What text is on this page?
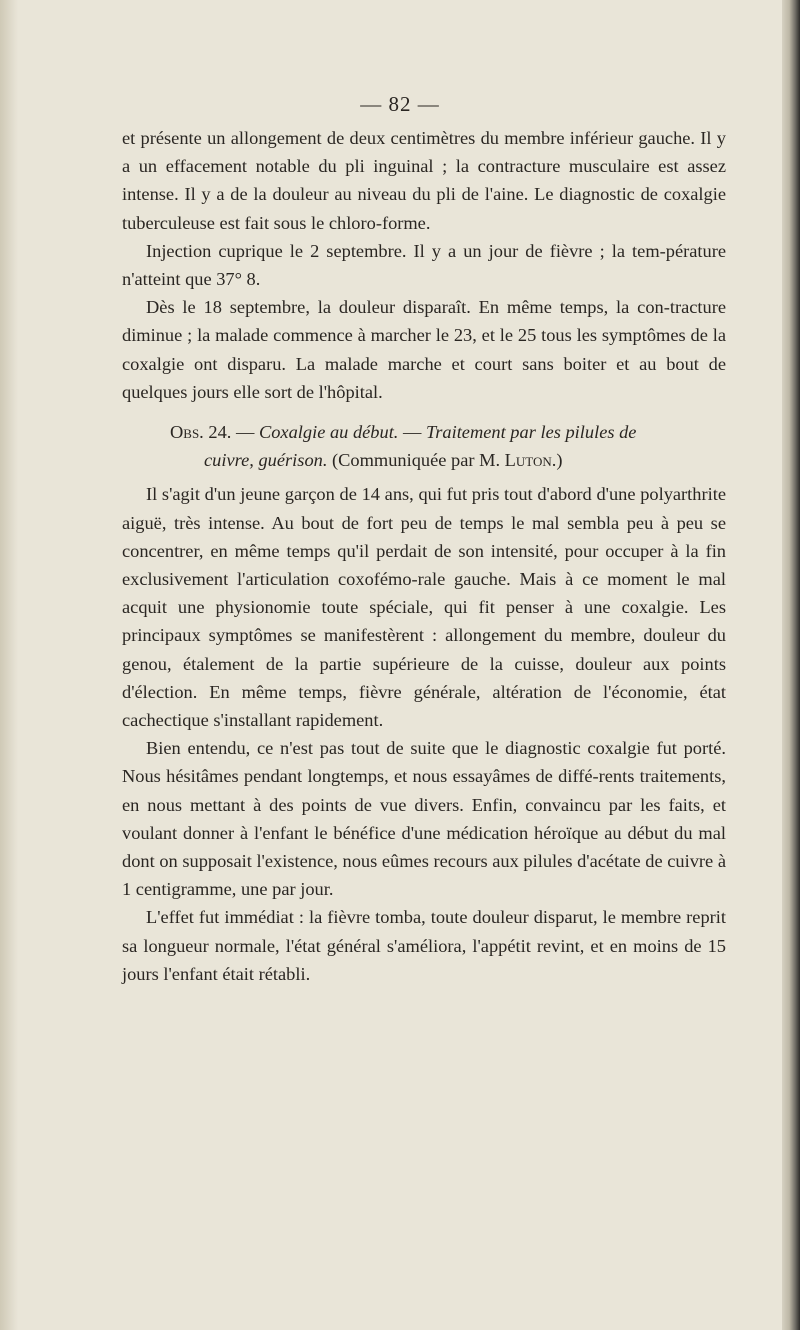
— 82 —

et présente un allongement de deux centimètres du membre inférieur gauche. Il y a un effacement notable du pli inguinal ; la contracture musculaire est assez intense. Il y a de la douleur au niveau du pli de l'aine. Le diagnostic de coxalgie tuberculeuse est fait sous le chloro-forme.

Injection cuprique le 2 septembre. Il y a un jour de fièvre ; la tem-pérature n'atteint que 37° 8.

Dès le 18 septembre, la douleur disparaît. En même temps, la con-tracture diminue ; la malade commence à marcher le 23, et le 25 tous les symptômes de la coxalgie ont disparu. La malade marche et court sans boiter et au bout de quelques jours elle sort de l'hôpital.

Obs. 24. — Coxalgie au début. — Traitement par les pilules de
cuivre, guérison. (Communiquée par M. Luton.)

Il s'agit d'un jeune garçon de 14 ans, qui fut pris tout d'abord d'une polyarthrite aiguë, très intense. Au bout de fort peu de temps le mal sembla peu à peu se concentrer, en même temps qu'il perdait de son intensité, pour occuper à la fin exclusivement l'articulation coxofémo-rale gauche. Mais à ce moment le mal acquit une physionomie toute spéciale, qui fit penser à une coxalgie. Les principaux symptômes se manifestèrent : allongement du membre, douleur du genou, étalement de la partie supérieure de la cuisse, douleur aux points d'élection. En même temps, fièvre générale, altération de l'économie, état cachectique s'installant rapidement.

Bien entendu, ce n'est pas tout de suite que le diagnostic coxalgie fut porté. Nous hésitâmes pendant longtemps, et nous essayâmes de diffé-rents traitements, en nous mettant à des points de vue divers. Enfin, convaincu par les faits, et voulant donner à l'enfant le bénéfice d'une médication héroïque au début du mal dont on supposait l'existence, nous eûmes recours aux pilules d'acétate de cuivre à 1 centigramme, une par jour.

L'effet fut immédiat : la fièvre tomba, toute douleur disparut, le membre reprit sa longueur normale, l'état général s'améliora, l'appétit revint, et en moins de 15 jours l'enfant était rétabli.
